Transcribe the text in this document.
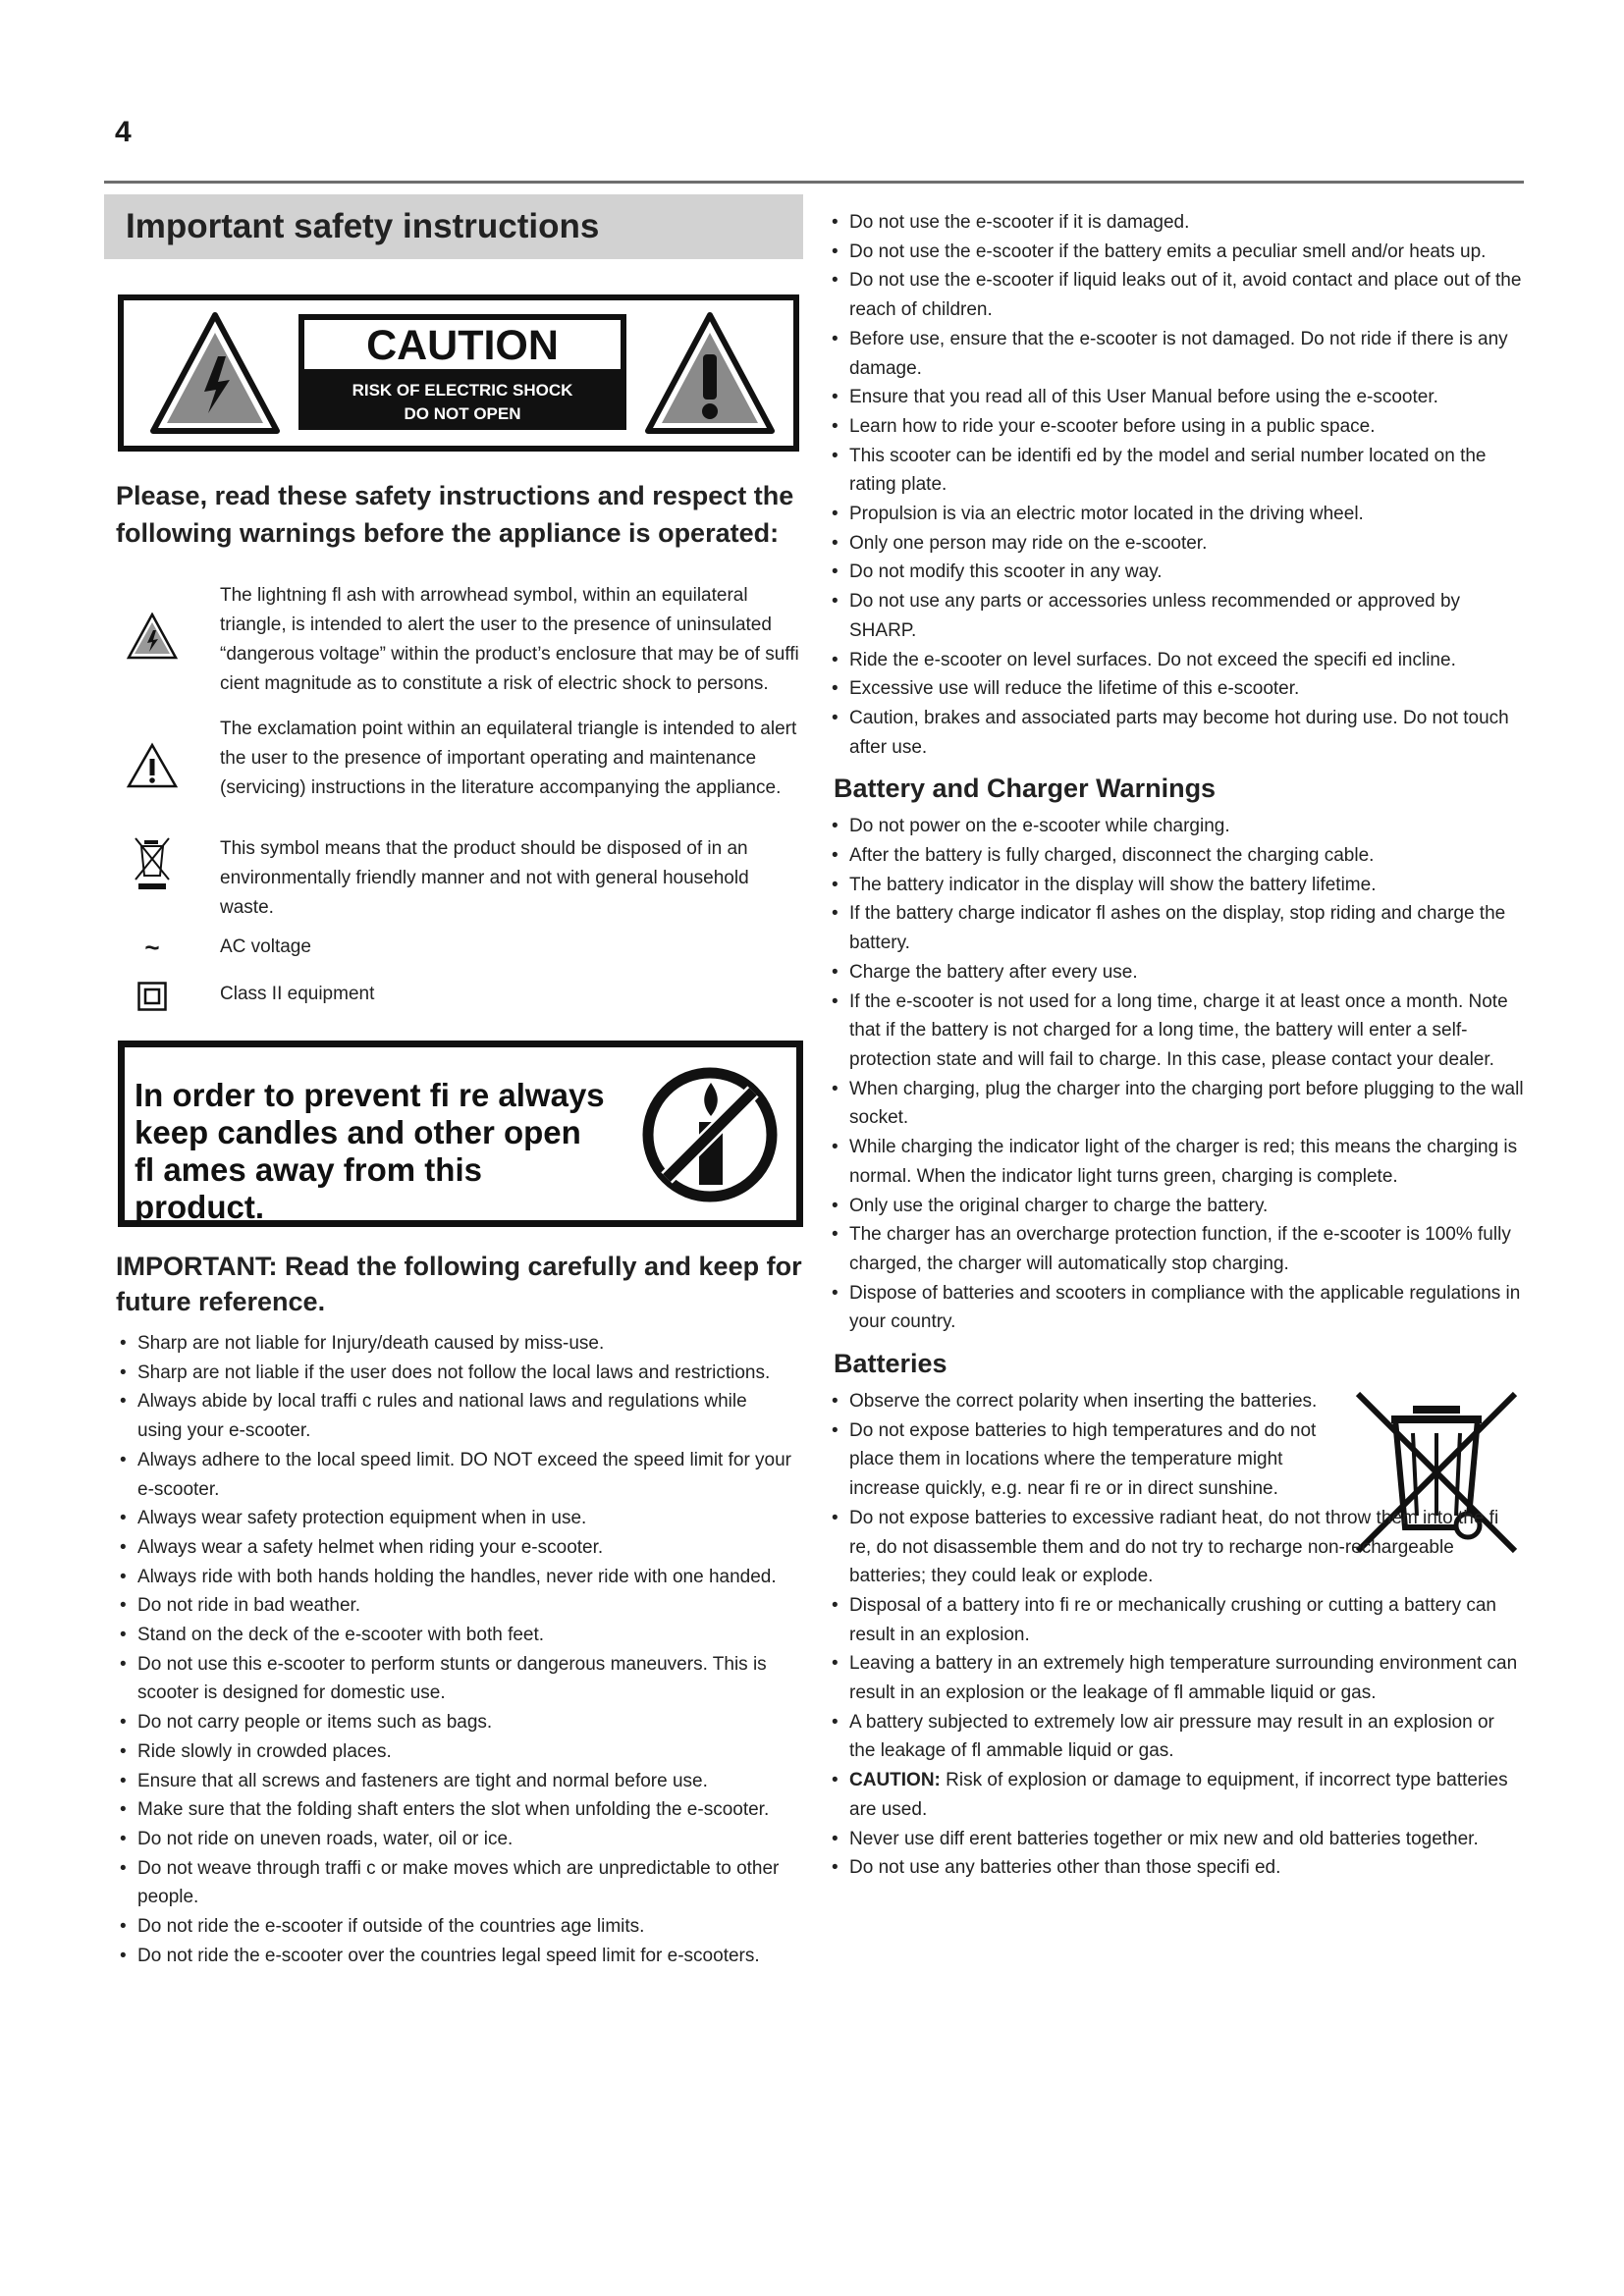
4
Important safety instructions
CAUTION
RISK OF ELECTRIC SHOCK
DO NOT OPEN
Please, read these safety instructions and respect the following warnings before the appliance is operated:
The lightning fl ash with arrowhead symbol, within an equilateral triangle, is intended to alert the user to the presence of uninsulated “dangerous voltage” within the product’s enclosure that may be of suffi cient magnitude as to constitute a risk of electric shock to persons.
The exclamation point within an equilateral triangle is intended to alert the user to the presence of important operating and maintenance (servicing) instructions in the literature accompanying the appliance.
This symbol means that the product should be disposed of in an environmentally friendly manner and not with general household waste.
~	AC voltage
Class II equipment
In order to prevent fi re always keep candles and other open fl ames away from this product.
IMPORTANT: Read the following carefully and keep for future reference.
• Sharp are not liable for Injury/death caused by miss-use.
• Sharp are not liable if the user does not follow the local laws and restrictions.
• Always abide by local traffi c rules and national laws and regulations while using your e-scooter.
• Always adhere to the local speed limit. DO NOT exceed the speed limit for your e-scooter.
• Always wear safety protection equipment when in use.
• Always wear a safety helmet when riding your e-scooter.
• Always ride with both hands holding the handles, never ride with one handed.
• Do not ride in bad weather.
• Stand on the deck of the e-scooter with both feet.
• Do not use this e-scooter to perform stunts or dangerous maneuvers. This is scooter is designed for domestic use.
• Do not carry people or items such as bags.
• Ride slowly in crowded places.
• Ensure that all screws and fasteners are tight and normal before use.
• Make sure that the folding shaft enters the slot when unfolding the e-scooter.
• Do not ride on uneven roads, water, oil or ice.
• Do not weave through traffi c or make moves which are unpredictable to other people.
• Do not ride the e-scooter if outside of the countries age limits.
• Do not ride the e-scooter over the countries legal speed limit for e-scooters.
• Do not use the e-scooter if it is damaged.
• Do not use the e-scooter if the battery emits a peculiar smell and/or heats up.
• Do not use the e-scooter if liquid leaks out of it, avoid contact and place out of the reach of children.
• Before use, ensure that the e-scooter is not damaged. Do not ride if there is any damage.
• Ensure that you read all of this User Manual before using the e-scooter.
• Learn how to ride your e-scooter before using in a public space.
• This scooter can be identifi ed by the model and serial number located on the rating plate.
• Propulsion is via an electric motor located in the driving wheel.
• Only one person may ride on the e-scooter.
• Do not modify this scooter in any way.
• Do not use any parts or accessories unless recommended or approved by SHARP.
• Ride the e-scooter on level surfaces. Do not exceed the specifi ed incline.
• Excessive use will reduce the lifetime of this e-scooter.
• Caution, brakes and associated parts may become hot during use. Do not touch after use.
Battery and Charger Warnings
• Do not power on the e-scooter while charging.
• After the battery is fully charged, disconnect the charging cable.
• The battery indicator in the display will show the battery lifetime.
• If the battery charge indicator fl ashes on the display, stop riding and charge the battery.
• Charge the battery after every use.
• If the e-scooter is not used for a long time, charge it at least once a month. Note that if the battery is not charged for a long time, the battery will enter a self-protection state and will fail to charge. In this case, please contact your dealer.
• When charging, plug the charger into the charging port before plugging to the wall socket.
• While charging the indicator light of the charger is red; this means the charging is normal. When the indicator light turns green, charging is complete.
• Only use the original charger to charge the battery.
• The charger has an overcharge protection function, if the e-scooter is 100% fully charged, the charger will automatically stop charging.
• Dispose of batteries and scooters in compliance with the applicable regulations in your country.
Batteries
• Observe the correct polarity when inserting the batteries.
• Do not expose batteries to high temperatures and do not place them in locations where the temperature might increase quickly, e.g. near fi re or in direct sunshine.
• Do not expose batteries to excessive radiant heat, do not throw them into the fi re, do not disassemble them and do not try to recharge non-rechargeable batteries; they could leak or explode.
• Disposal of a battery into fi re or mechanically crushing or cutting a battery can result in an explosion.
• Leaving a battery in an extremely high temperature surrounding environment can result in an explosion or the leakage of fl ammable liquid or gas.
• A battery subjected to extremely low air pressure may result in an explosion or the leakage of fl ammable liquid or gas.
• CAUTION: Risk of explosion or damage to equipment, if incorrect type batteries are used.
• Never use diff erent batteries together or mix new and old batteries together.
• Do not use any batteries other than those specifi ed.
